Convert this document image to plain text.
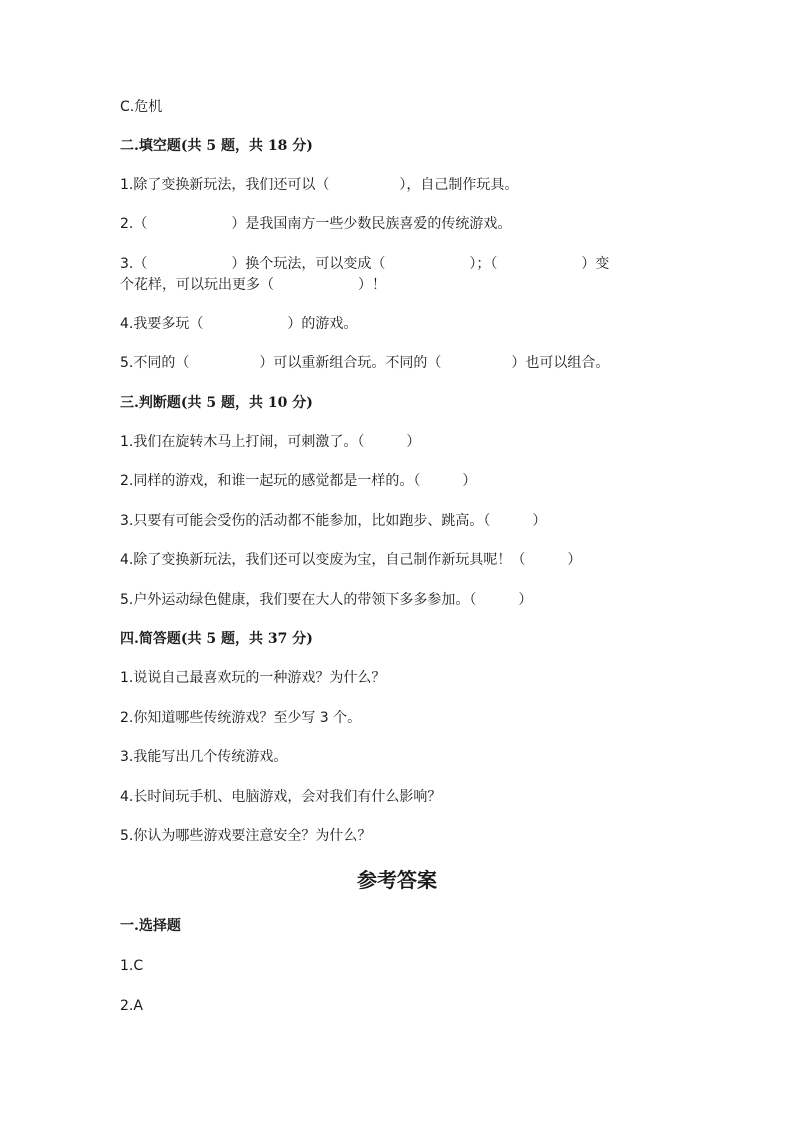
C.危机
二.填空题(共 5 题，共 18 分)
1.除了变换新玩法，我们还可以（　　　　　），自己制作玩具。
2.（　　　　　　）是我国南方一些少数民族喜爱的传统游戏。
3.（　　　　　　）换个玩法，可以变成（　　　　　　）；（　　　　　　）变
个花样，可以玩出更多（　　　　　　）！
4.我要多玩（　　　　　　）的游戏。
5.不同的（　　　　　）可以重新组合玩。不同的（　　　　　）也可以组合。
三.判断题(共 5 题，共 10 分)
1.我们在旋转木马上打闹，可刺激了。（　　　）
2.同样的游戏，和谁一起玩的感觉都是一样的。（　　　）
3.只要有可能会受伤的活动都不能参加，比如跑步、跳高。（　　　）
4.除了变换新玩法，我们还可以变废为宝，自己制作新玩具呢！（　　　）
5.户外运动绿色健康，我们要在大人的带领下多多参加。（　　　）
四.简答题(共 5 题，共 37 分)
1.说说自己最喜欢玩的一种游戏？为什么？
2.你知道哪些传统游戏？至少写 3 个。
3.我能写出几个传统游戏。
4.长时间玩手机、电脑游戏，会对我们有什么影响？
5.你认为哪些游戏要注意安全？为什么？
参考答案
一.选择题
1.C
2.A
